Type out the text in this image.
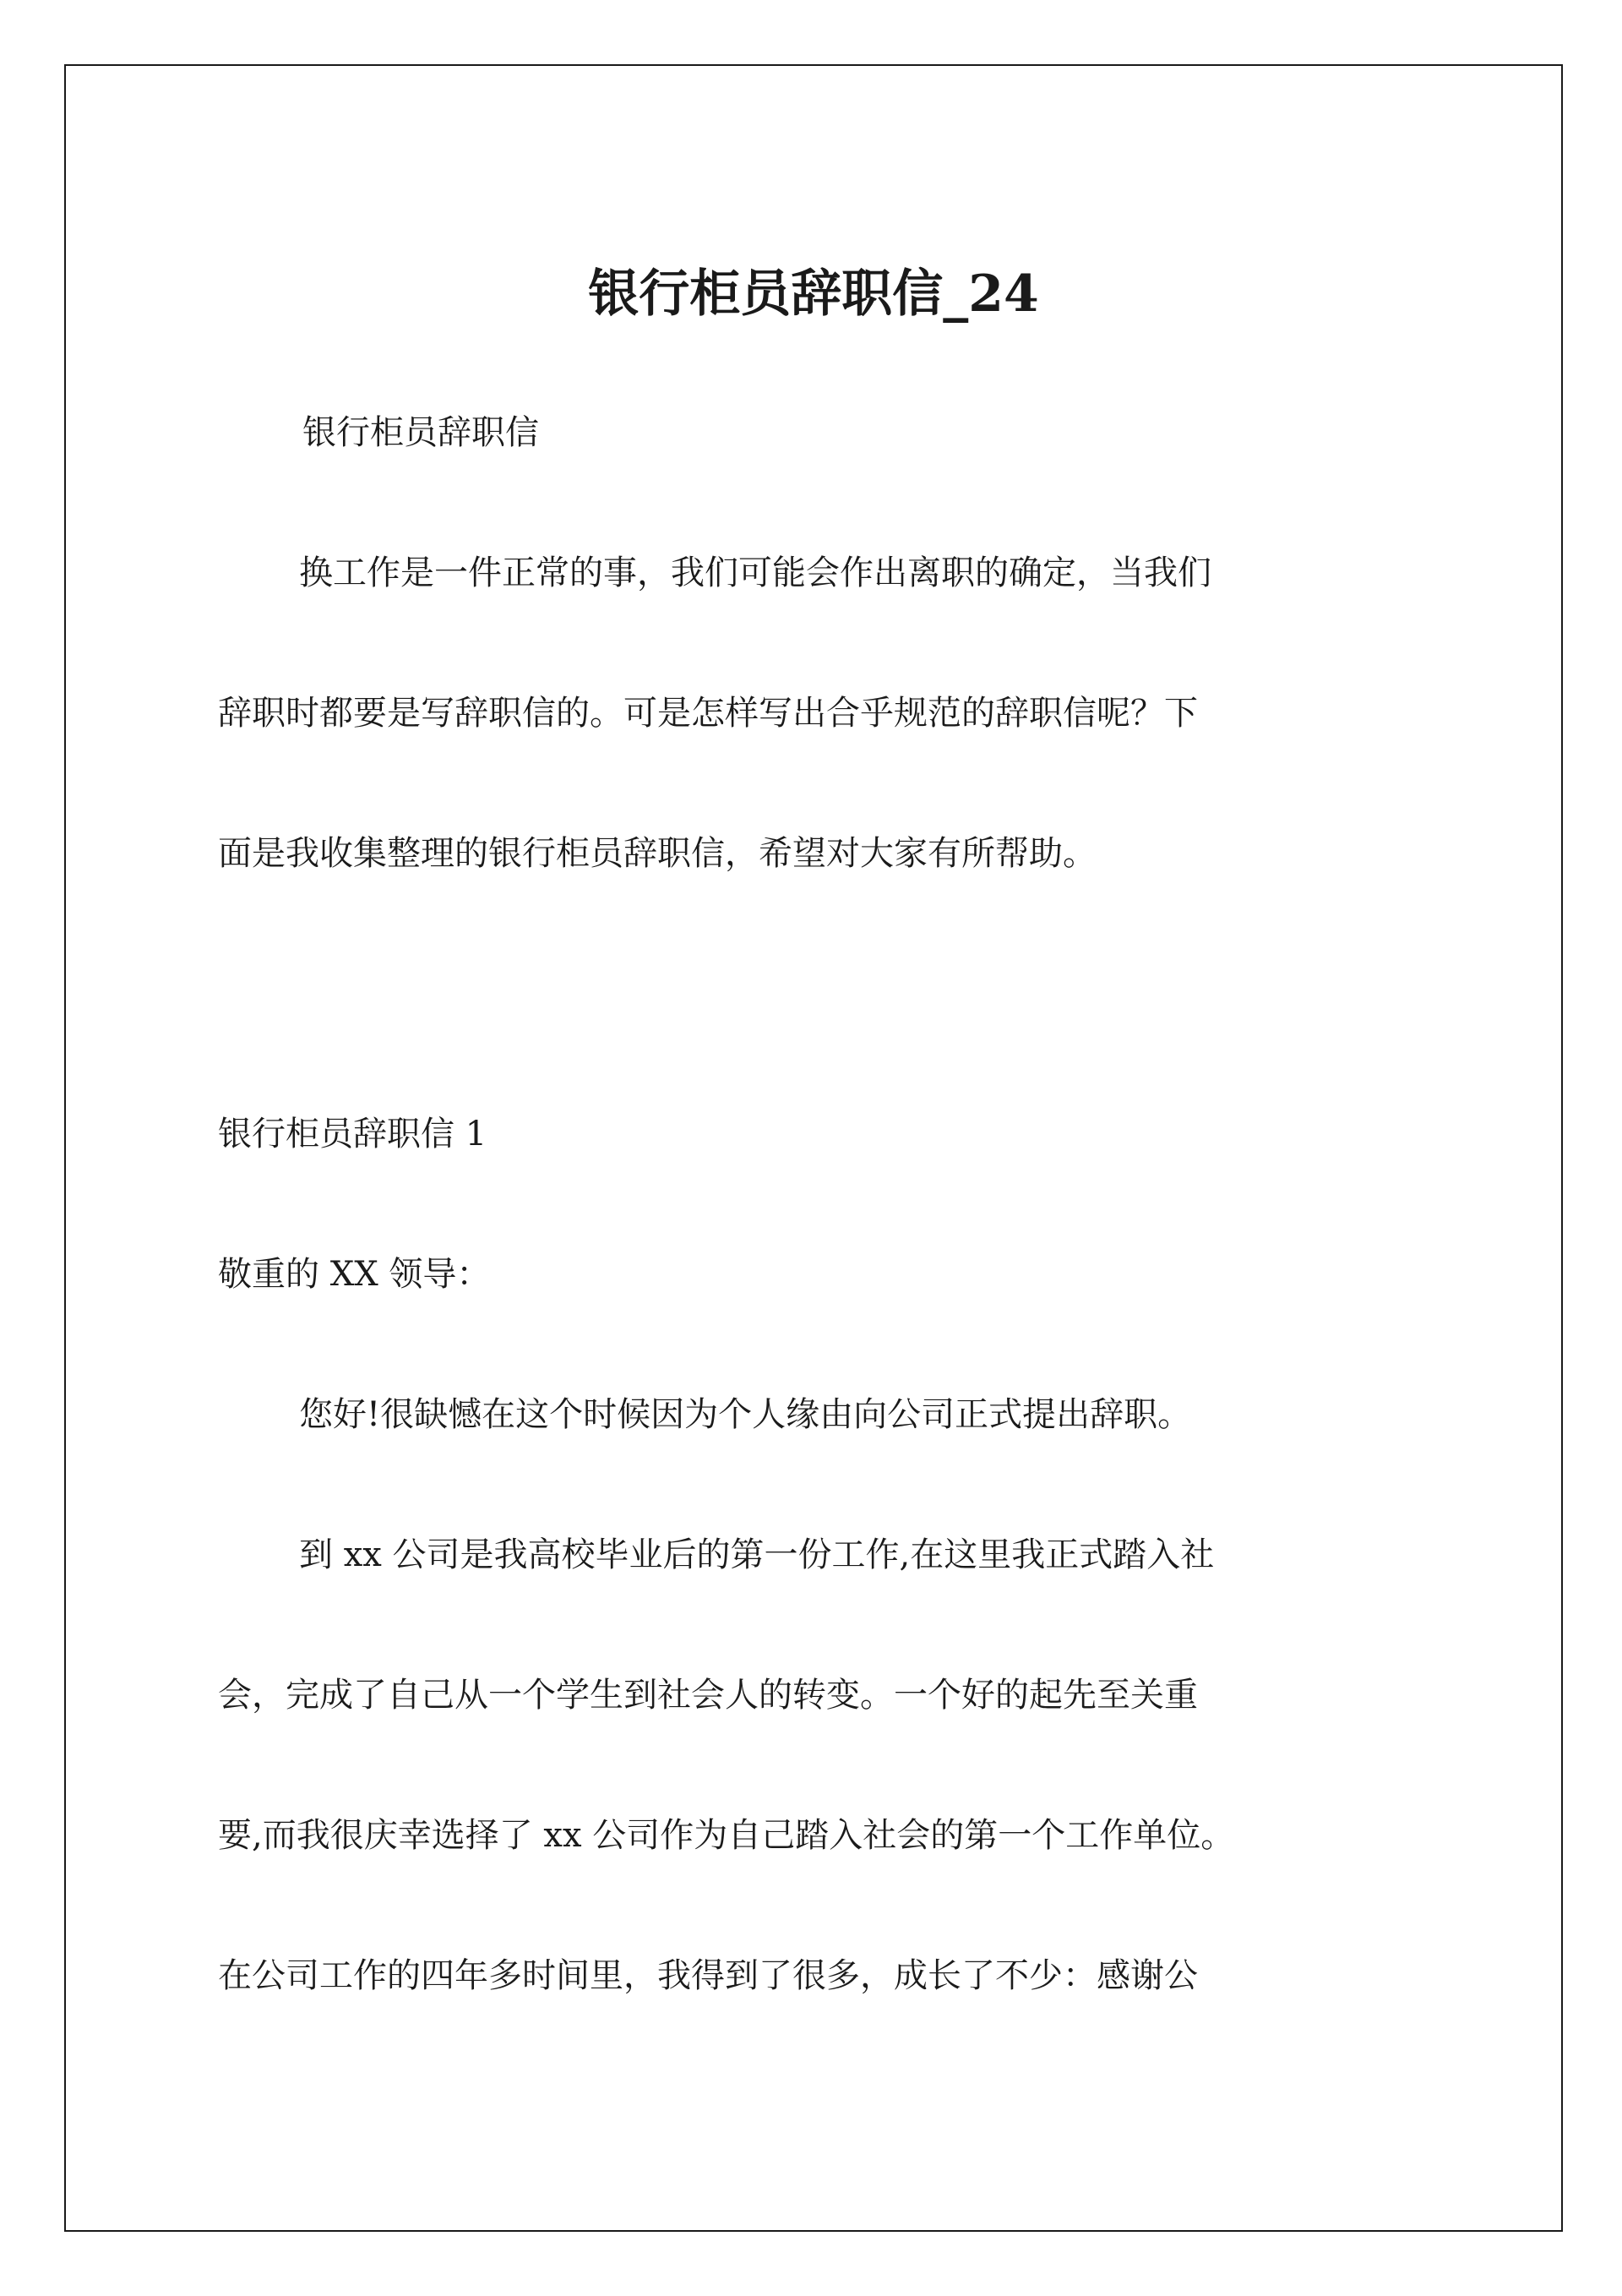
银行柜员辞职信_24

银行柜员辞职信

换工作是一件正常的事，我们可能会作出离职的确定，当我们

辞职时都要是写辞职信的。可是怎样写出合乎规范的辞职信呢？下

面是我收集整理的银行柜员辞职信，希望对大家有所帮助。

银行柜员辞职信 1

敬重的 XX 领导：

您好!很缺憾在这个时候因为个人缘由向公司正式提出辞职。

到 xx 公司是我高校毕业后的第一份工作,在这里我正式踏入社

会，完成了自己从一个学生到社会人的转变。一个好的起先至关重

要,而我很庆幸选择了 xx 公司作为自己踏入社会的第一个工作单位。

在公司工作的四年多时间里，我得到了很多，成长了不少：感谢公
